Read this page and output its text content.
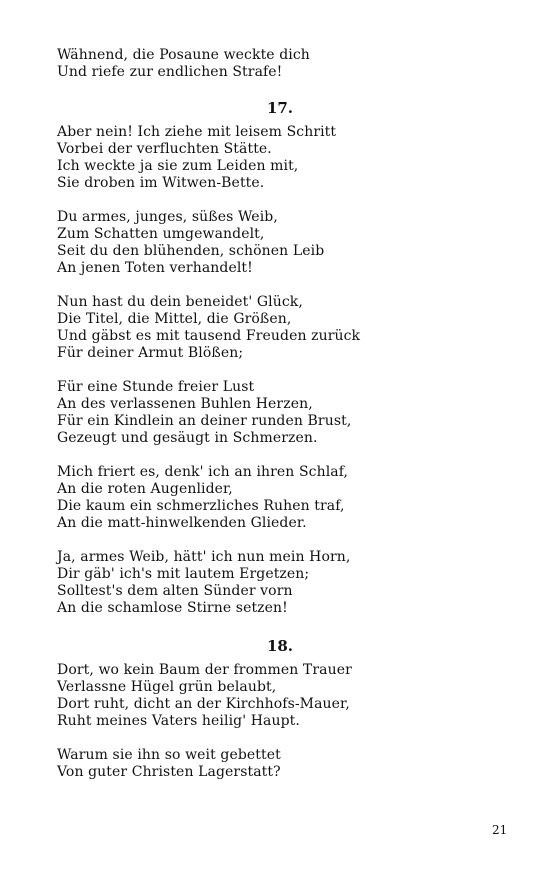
Wähnend, die Posaune weckte dich
Und riefe zur endlichen Strafe!
17.
Aber nein! Ich ziehe mit leisem Schritt
Vorbei der verfluchten Stätte.
Ich weckte ja sie zum Leiden mit,
Sie droben im Witwen-Bette.
Du armes, junges, süßes Weib,
Zum Schatten umgewandelt,
Seit du den blühenden, schönen Leib
An jenen Toten verhandelt!
Nun hast du dein beneidet' Glück,
Die Titel, die Mittel, die Größen,
Und gäbst es mit tausend Freuden zurück
Für deiner Armut Blößen;
Für eine Stunde freier Lust
An des verlassenen Buhlen Herzen,
Für ein Kindlein an deiner runden Brust,
Gezeugt und gesäugt in Schmerzen.
Mich friert es, denk' ich an ihren Schlaf,
An die roten Augenlider,
Die kaum ein schmerzliches Ruhen traf,
An die matt-hinwelkenden Glieder.
Ja, armes Weib, hätt' ich nun mein Horn,
Dir gäb' ich's mit lautem Ergetzen;
Solltest's dem alten Sünder vorn
An die schamlose Stirne setzen!
18.
Dort, wo kein Baum der frommen Trauer
Verlassne Hügel grün belaubt,
Dort ruht, dicht an der Kirchhofs-Mauer,
Ruht meines Vaters heilig' Haupt.
Warum sie ihn so weit gebettet
Von guter Christen Lagerstatt?
21
